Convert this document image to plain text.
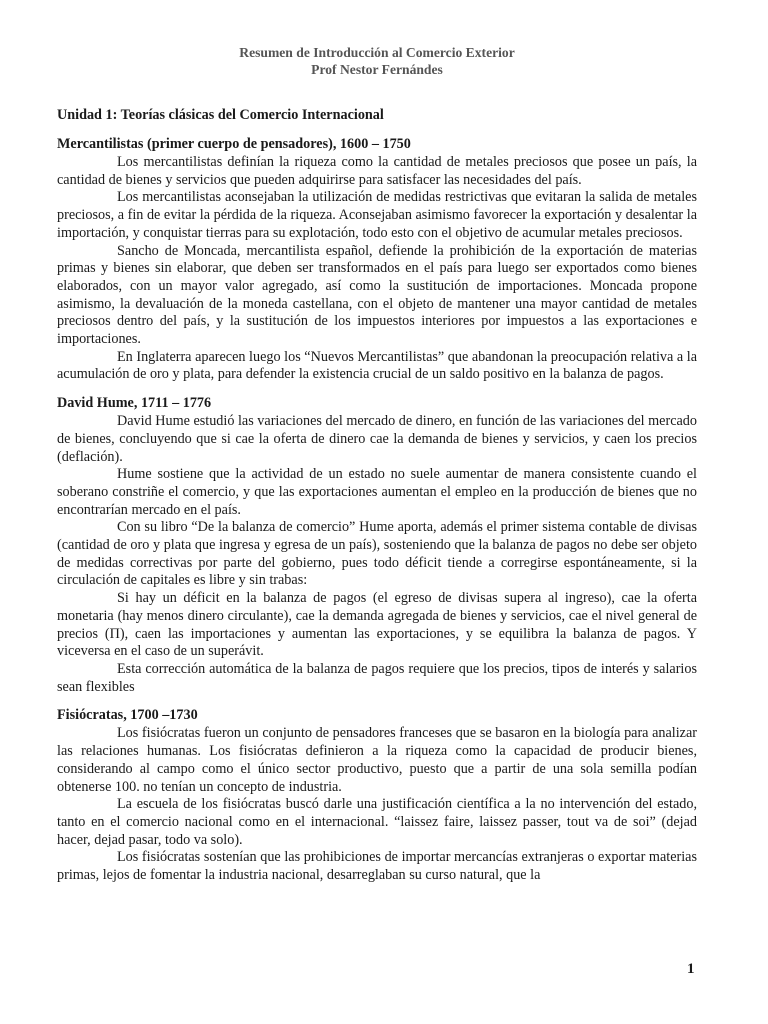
Resumen de Introducción al Comercio Exterior
Prof Nestor Fernándes
Unidad 1: Teorías clásicas del Comercio Internacional
Mercantilistas (primer cuerpo de pensadores), 1600 – 1750

Los mercantilistas definían la riqueza como la cantidad de metales preciosos que posee un país, la cantidad de bienes y servicios que pueden adquirirse para satisfacer las necesidades del país.

Los mercantilistas aconsejaban la utilización de medidas restrictivas que evitaran la salida de metales preciosos, a fin de evitar la pérdida de la riqueza. Aconsejaban asimismo favorecer la exportación y desalentar la importación, y conquistar tierras para su explotación, todo esto con el objetivo de acumular metales preciosos.

Sancho de Moncada, mercantilista español, defiende la prohibición de la exportación de materias primas y bienes sin elaborar, que deben ser transformados en el país para luego ser exportados como bienes elaborados, con un mayor valor agregado, así como la sustitución de importaciones. Moncada propone asimismo, la devaluación de la moneda castellana, con el objeto de mantener una mayor cantidad de metales preciosos dentro del país, y la sustitución de los impuestos interiores por impuestos a las exportaciones e importaciones.

En Inglaterra aparecen luego los “Nuevos Mercantilistas” que abandonan la preocupación relativa a la acumulación de oro y plata, para defender la existencia crucial de un saldo positivo en la balanza de pagos.

David Hume, 1711 – 1776

David Hume estudió las variaciones del mercado de dinero, en función de las variaciones del mercado de bienes, concluyendo que si cae la oferta de dinero cae la demanda de bienes y servicios, y caen los precios (deflación).

Hume sostiene que la actividad de un estado no suele aumentar de manera consistente cuando el soberano constriñe el comercio, y que las exportaciones aumentan el empleo en la producción de bienes que no encontrarían mercado en el país.

Con su libro “De la balanza de comercio” Hume aporta, además el primer sistema contable de divisas (cantidad de oro y plata que ingresa y egresa de un país), sosteniendo que la balanza de pagos no debe ser objeto de medidas correctivas por parte del gobierno, pues todo déficit tiende a corregirse espontáneamente, si la circulación de capitales es libre y sin trabas:

Si hay un déficit en la balanza de pagos (el egreso de divisas supera al ingreso), cae la oferta monetaria (hay menos dinero circulante), cae la demanda agregada de bienes y servicios, cae el nivel general de precios (Π), caen las importaciones y aumentan las exportaciones, y se equilibra la balanza de pagos. Y viceversa en el caso de un superávit.

Esta corrección automática de la balanza de pagos requiere que los precios, tipos de interés y salarios sean flexibles

Fisiócratas, 1700 –1730

Los fisiócratas fueron un conjunto de pensadores franceses que se basaron en la biología para analizar las relaciones humanas. Los fisiócratas definieron a la riqueza como la capacidad de producir bienes, considerando al campo como el único sector productivo, puesto que a partir de una sola semilla podían obtenerse 100. no tenían un concepto de industria.

La escuela de los fisiócratas buscó darle una justificación científica a la no intervención del estado, tanto en el comercio nacional como en el internacional. “laissez faire, laissez passer, tout va de soi” (dejad hacer, dejad pasar, todo va solo).

Los fisiócratas sostenían que las prohibiciones de importar mercancías extranjeras o exportar materias primas, lejos de fomentar la industria nacional, desarreglaban su curso natural, que la

1
